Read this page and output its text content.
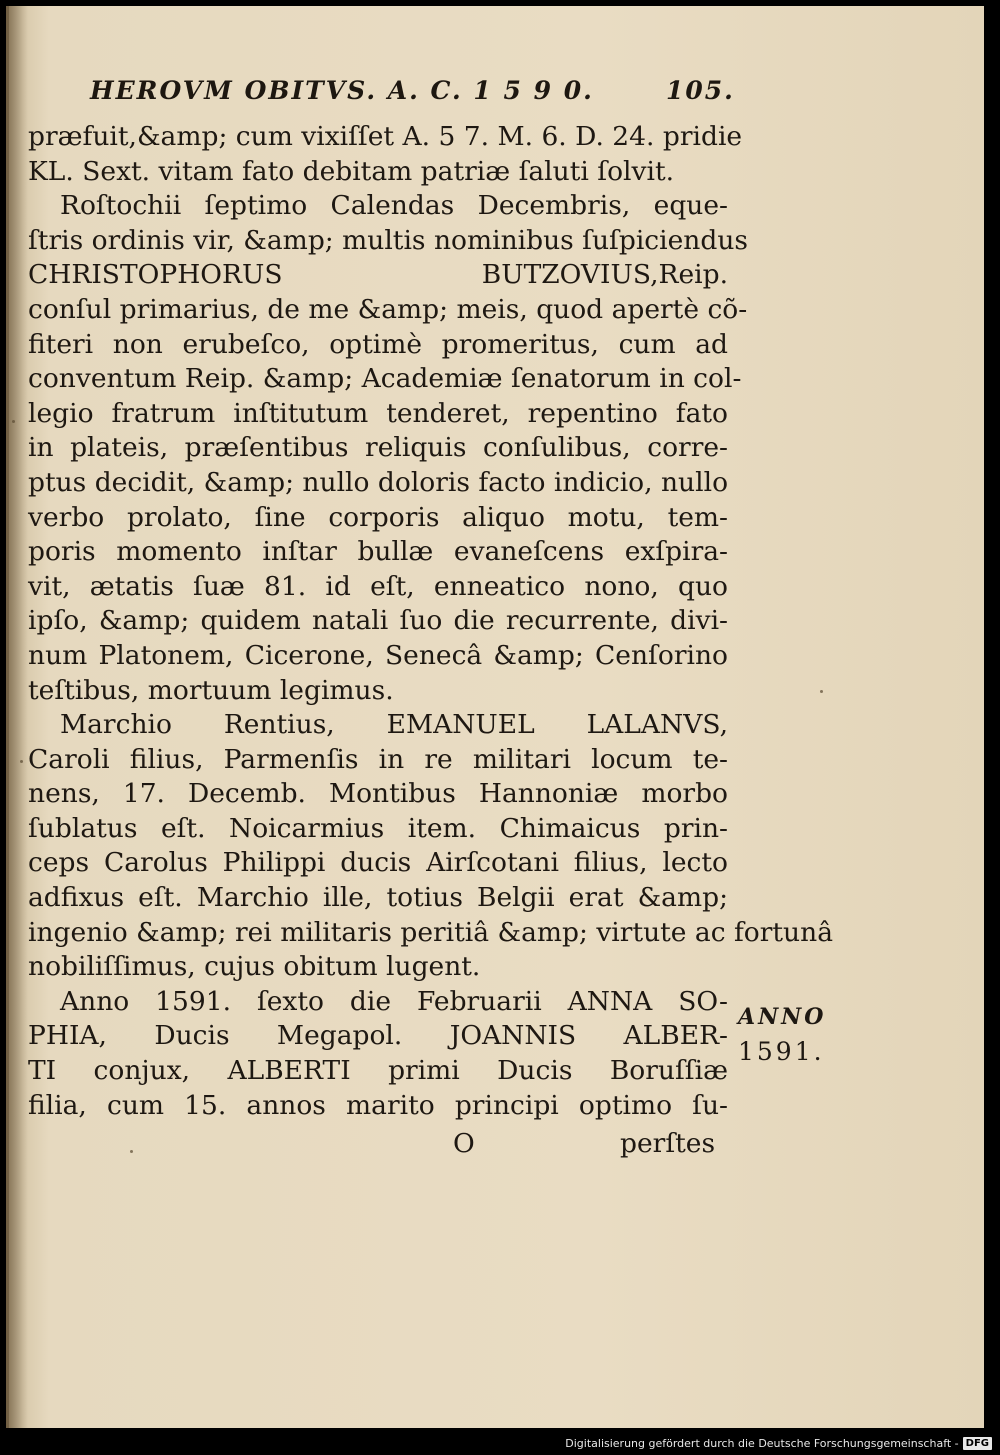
HEROVM OBITVS. A. C. 1 5 9 0.	105.
præfuit,&amp; cum vixiſſet A. 5 7. M. 6. D. 24. pridie
KL. Sext. vitam fato debitam patriæ ſaluti ſolvit.
Roſtochii ſeptimo Calendas Decembris, eque-
ſtris ordinis vir, &amp; multis nominibus ſuſpiciendus
CHRISTOPHORUS BUTZOVIUS,Reip.
conſul primarius, de me &amp; meis, quod apertè cõ-
fiteri non erubeſco, optimè promeritus, cum ad
conventum Reip. &amp; Academiæ ſenatorum in col-
legio fratrum inſtitutum tenderet, repentino fato
in plateis, præſentibus reliquis conſulibus, corre-
ptus decidit, &amp; nullo doloris facto indicio, nullo
verbo prolato, ſine corporis aliquo motu, tem-
poris momento inſtar bullæ evaneſcens exſpira-
vit, ætatis ſuæ 81. id eſt, enneatico nono, quo
ipſo, &amp; quidem natali ſuo die recurrente, divi-
num Platonem, Cicerone, Senecâ &amp; Cenſorino
teſtibus, mortuum legimus.
Marchio Rentius, EMANUEL LALANVS,
Caroli filius, Parmenſis in re militari locum te-
nens, 17. Decemb. Montibus Hannoniæ morbo
ſublatus eſt. Noicarmius item. Chimaicus prin-
ceps Carolus Philippi ducis Airſcotani filius, lecto
adfixus eſt. Marchio ille, totius Belgii erat &amp;
ingenio &amp; rei militaris peritiâ &amp; virtute ac fortunâ
nobiliſſimus, cujus obitum lugent.
Anno 1591. ſexto die Februarii ANNA SO-
PHIA, Ducis Megapol. JOANNIS ALBER-
TI conjux, ALBERTI primi Ducis Boruſſiæ
filia, cum 15. annos marito principi optimo ſu-
ANNO
1591.
O	perſtes
Digitalisierung gefördert durch die Deutsche Forschungsgemeinschaft - DFG
